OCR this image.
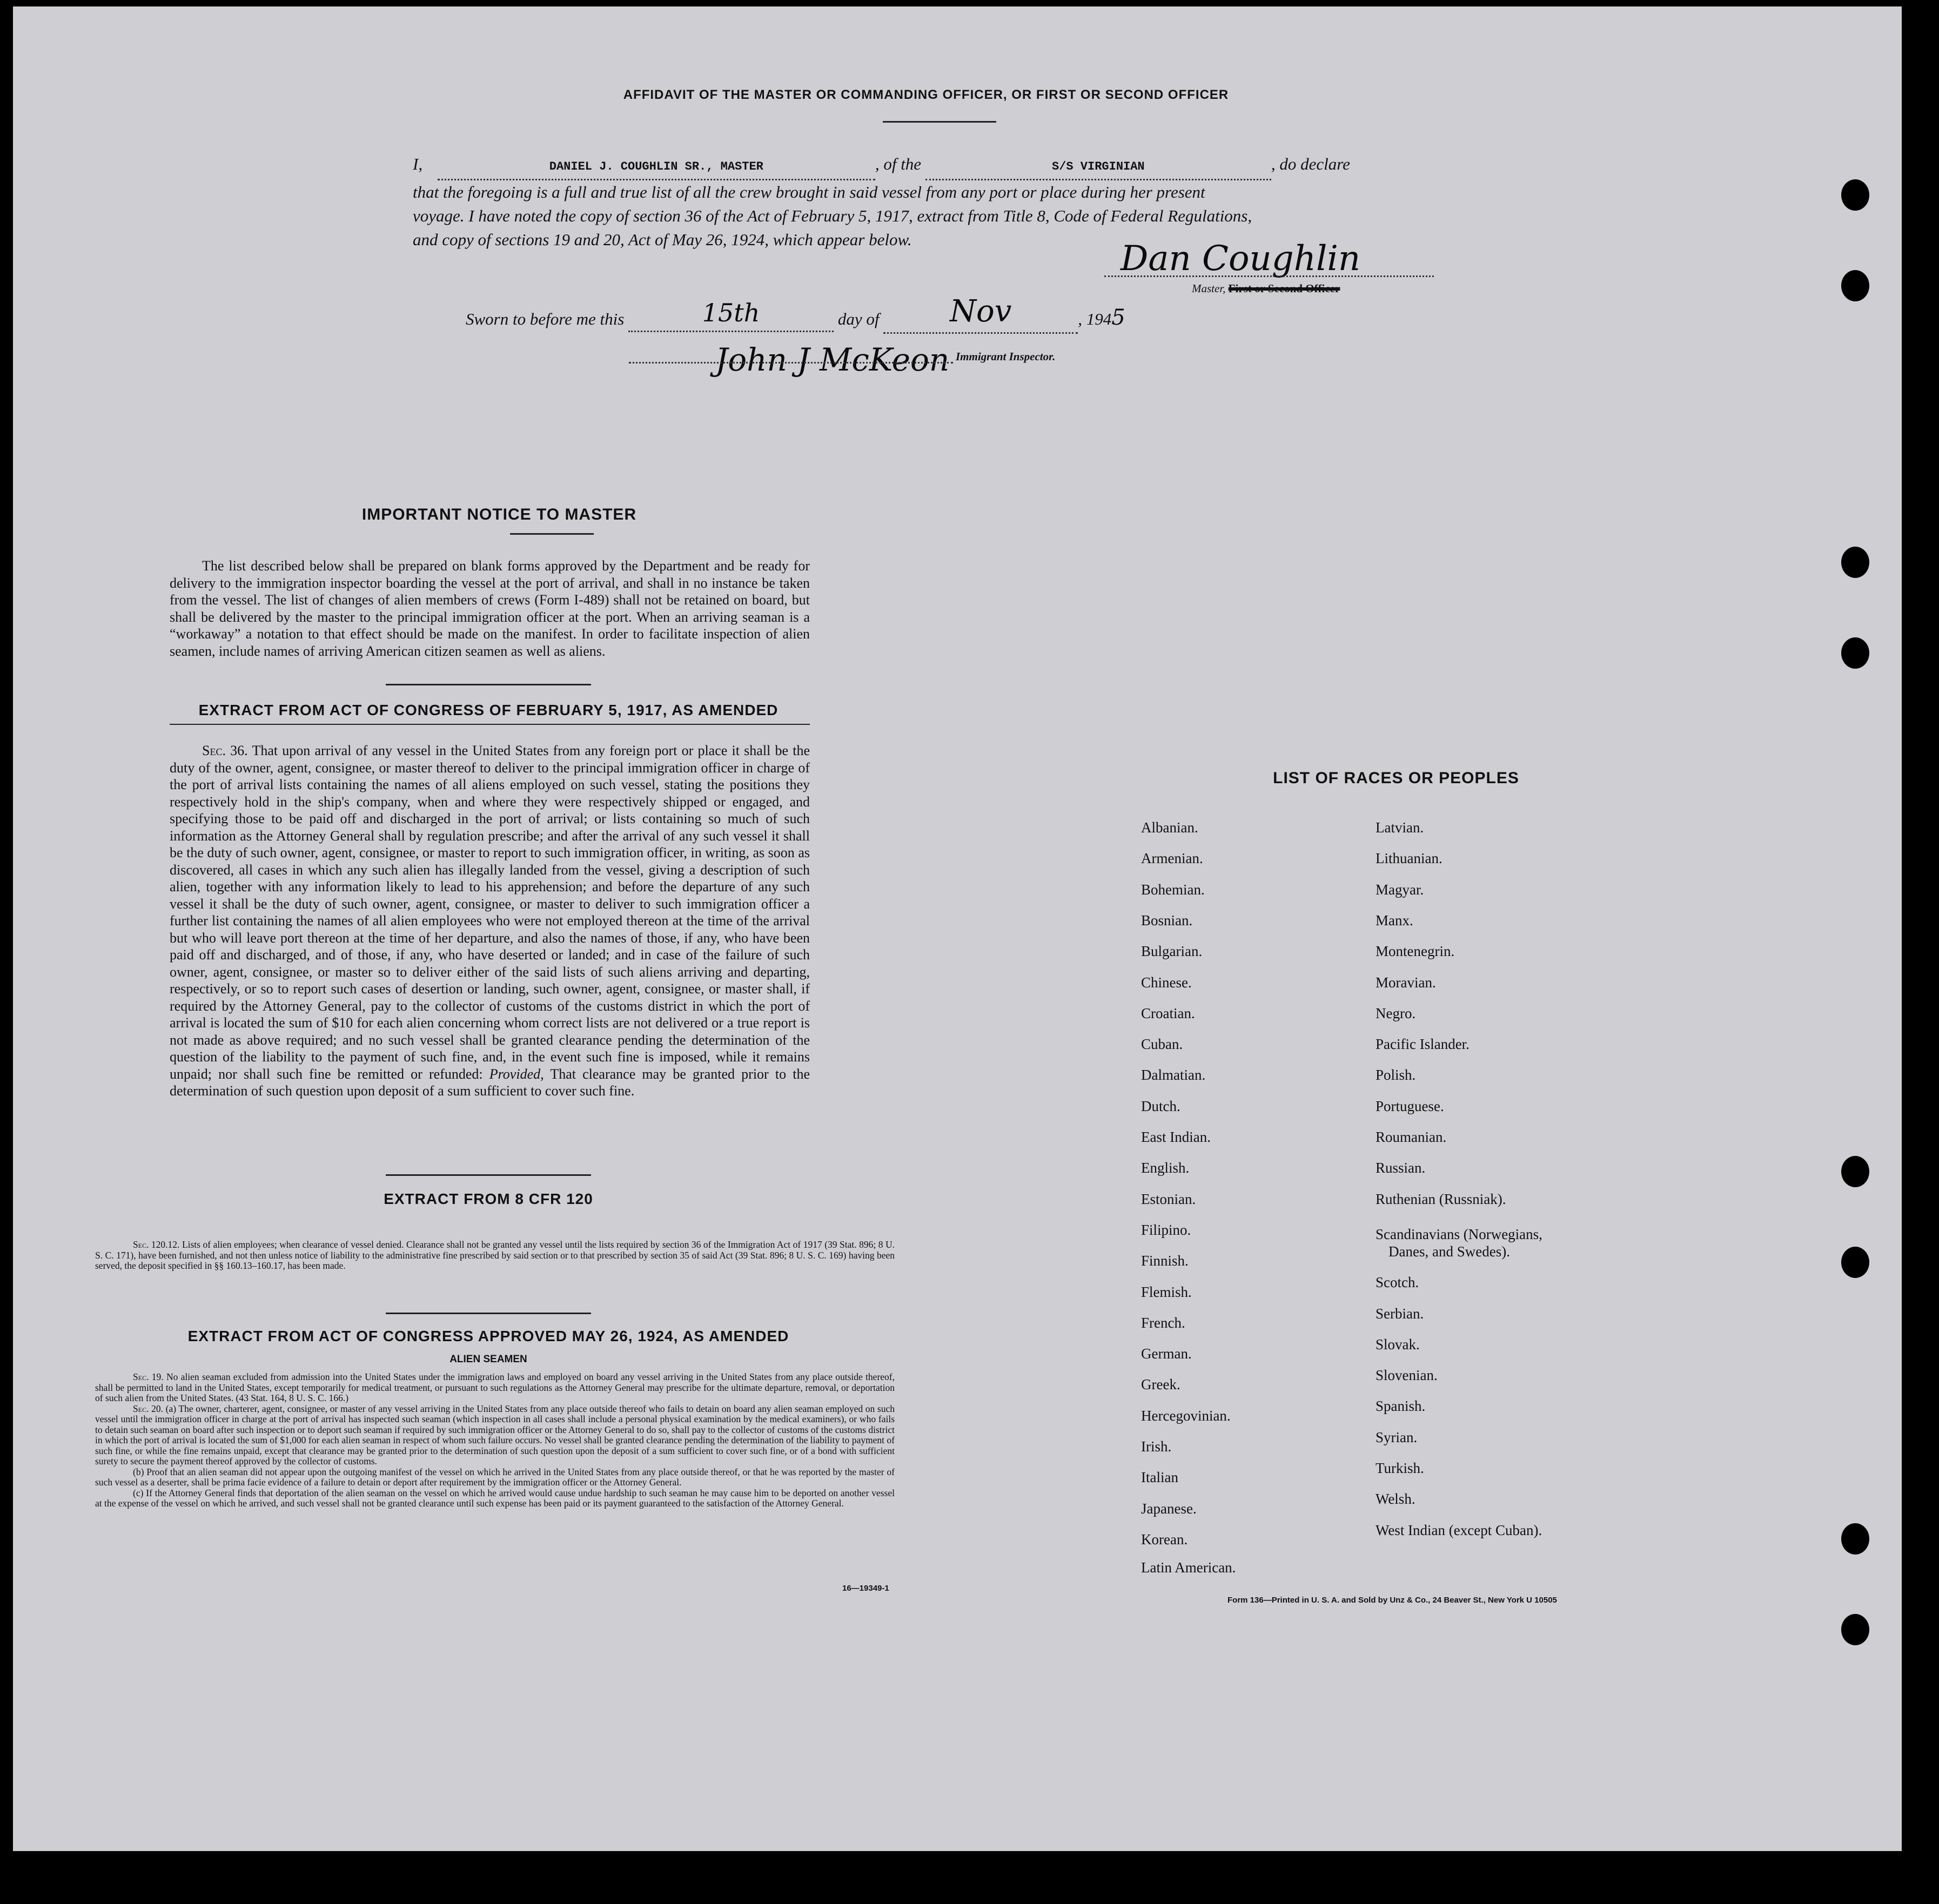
AFFIDAVIT OF THE MASTER OR COMMANDING OFFICER, OR FIRST OR SECOND OFFICER
I,	DANIEL J. COUGHLIN SR., MASTER	, of the	S/S VIRGINIAN	, do declare
that the foregoing is a full and true list of all the crew brought in said vessel from any port or place during her present
voyage. I have noted the copy of section 36 of the Act of February 5, 1917, extract from Title 8, Code of Federal Regulations,
and copy of sections 19 and 20, Act of May 26, 1924, which appear below.	Dan Coughlin
Master, First or Second Officer
Sworn to before me this	15th	day of Nov	, 1945
John J McKeon Immigrant Inspector.
IMPORTANT NOTICE TO MASTER
The list described below shall be prepared on blank forms approved by the Department and be ready for delivery to the immigration inspector boarding the vessel at the port of arrival, and shall in no instance be taken from the vessel. The list of changes of alien members of crews (Form I-489) shall not be retained on board, but shall be delivered by the master to the principal immigration officer at the port. When an arriving seaman is a “workaway” a notation to that effect should be made on the manifest. In order to facilitate inspection of alien seamen, include names of arriving American citizen seamen as well as aliens.
EXTRACT FROM ACT OF CONGRESS OF FEBRUARY 5, 1917, AS AMENDED
Sec. 36. That upon arrival of any vessel in the United States from any foreign port or place it shall be the duty of the owner, agent, consignee, or master thereof to deliver to the principal immigration officer in charge of the port of arrival lists containing the names of all aliens employed on such vessel, stating the positions they respectively hold in the ship's company, when and where they were respectively shipped or engaged, and specifying those to be paid off and discharged in the port of arrival; or lists containing so much of such information as the Attorney General shall by regulation prescribe; and after the arrival of any such vessel it shall be the duty of such owner, agent, consignee, or master to report to such immigration officer, in writing, as soon as discovered, all cases in which any such alien has illegally landed from the vessel, giving a description of such alien, together with any information likely to lead to his apprehension; and before the departure of any such vessel it shall be the duty of such owner, agent, consignee, or master to deliver to such immigration officer a further list containing the names of all alien employees who were not employed thereon at the time of the arrival but who will leave port thereon at the time of her departure, and also the names of those, if any, who have been paid off and discharged, and of those, if any, who have deserted or landed; and in case of the failure of such owner, agent, consignee, or master so to deliver either of the said lists of such aliens arriving and departing, respectively, or so to report such cases of desertion or landing, such owner, agent, consignee, or master shall, if required by the Attorney General, pay to the collector of customs of the customs district in which the port of arrival is located the sum of $10 for each alien concerning whom correct lists are not delivered or a true report is not made as above required; and no such vessel shall be granted clearance pending the determination of the question of the liability to the payment of such fine, and, in the event such fine is imposed, while it remains unpaid; nor shall such fine be remitted or refunded: Provided, That clearance may be granted prior to the determination of such question upon deposit of a sum sufficient to cover such fine.
EXTRACT FROM 8 CFR 120
Sec. 120.12. Lists of alien employees; when clearance of vessel denied. Clearance shall not be granted any vessel until the lists required by section 36 of the Immigration Act of 1917 (39 Stat. 896; 8 U. S. C. 171), have been furnished, and not then unless notice of liability to the administrative fine prescribed by said section or to that prescribed by section 35 of said Act (39 Stat. 896; 8 U. S. C. 169) having been served, the deposit specified in §§ 160.13–160.17, has been made.
EXTRACT FROM ACT OF CONGRESS APPROVED MAY 26, 1924, AS AMENDED
ALIEN SEAMEN
Sec. 19. No alien seaman excluded from admission into the United States under the immigration laws and employed on board any vessel arriving in the United States from any place outside thereof, shall be permitted to land in the United States, except temporarily for medical treatment, or pursuant to such regulations as the Attorney General may prescribe for the ultimate departure, removal, or deportation of such alien from the United States. (43 Stat. 164, 8 U. S. C. 166.)
Sec. 20. (a) The owner, charterer, agent, consignee, or master of any vessel arriving in the United States from any place outside thereof who fails to detain on board any alien seaman employed on such vessel until the immigration officer in charge at the port of arrival has inspected such seaman (which inspection in all cases shall include a personal physical examination by the medical examiners), or who fails to detain such seaman on board after such inspection or to deport such seaman if required by such immigration officer or the Attorney General to do so, shall pay to the collector of customs of the customs district in which the port of arrival is located the sum of $1,000 for each alien seaman in respect of whom such failure occurs. No vessel shall be granted clearance pending the determination of the liability to payment of such fine, or while the fine remains unpaid, except that clearance may be granted prior to the determination of such question upon the deposit of a sum sufficient to cover such fine, or of a bond with sufficient surety to secure the payment thereof approved by the collector of customs.
(b) Proof that an alien seaman did not appear upon the outgoing manifest of the vessel on which he arrived in the United States from any place outside thereof, or that he was reported by the master of such vessel as a deserter, shall be prima facie evidence of a failure to detain or deport after requirement by the immigration officer or the Attorney General.
(c) If the Attorney General finds that deportation of the alien seaman on the vessel on which he arrived would cause undue hardship to such seaman he may cause him to be deported on another vessel at the expense of the vessel on which he arrived, and such vessel shall not be granted clearance until such expense has been paid or its payment guaranteed to the satisfaction of the Attorney General.
16—19349-1
LIST OF RACES OR PEOPLES
Albanian.
Armenian.
Bohemian.
Bosnian.
Bulgarian.
Chinese.
Croatian.
Cuban.
Dalmatian.
Dutch.
East Indian.
English.
Estonian.
Filipino.
Finnish.
Flemish.
French.
German.
Greek.
Hercegovinian.
Irish.
Italian
Japanese.
Korean.
Latin American.
Latvian.
Lithuanian.
Magyar.
Manx.
Montenegrin.
Moravian.
Negro.
Pacific Islander.
Polish.
Portuguese.
Roumanian.
Russian.
Ruthenian (Russniak).
Scandinavians (Norwegians,
Danes, and Swedes).
Scotch.
Serbian.
Slovak.
Slovenian.
Spanish.
Syrian.
Turkish.
Welsh.
West Indian (except Cuban).
Form 136—Printed in U. S. A. and Sold by Unz & Co., 24 Beaver St., New York U 10505
